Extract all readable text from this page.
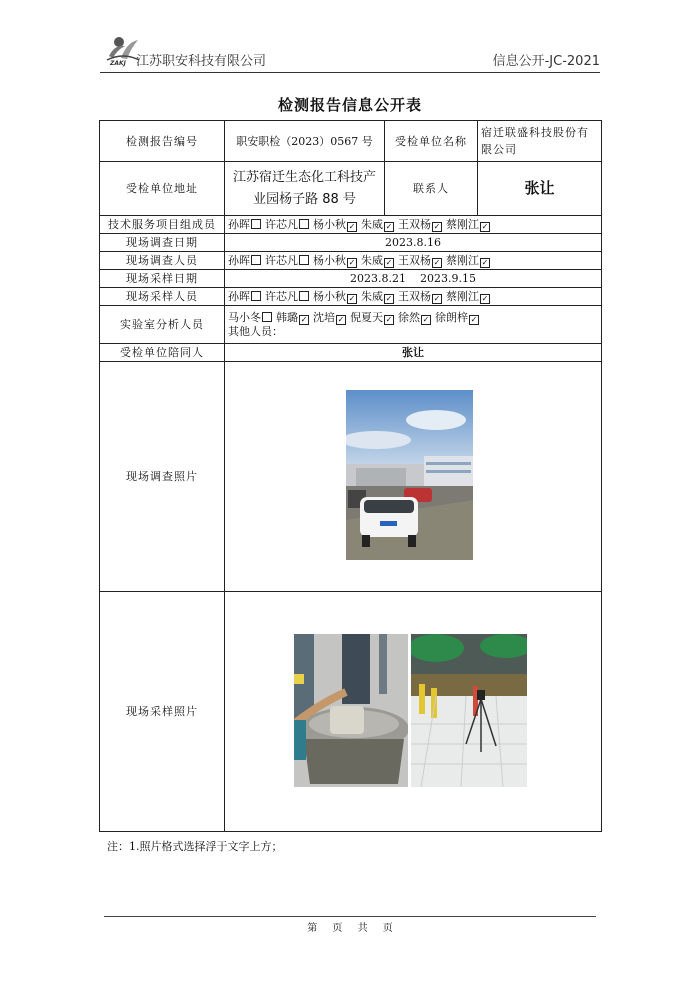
ZAKJ 江苏职安科技有限公司	信息公开-JC-2021
检测报告信息公开表
检测报告编号	职安职检（2023）0567 号	受检单位名称	宿迁联盛科技股份有限公司
受检单位地址	江苏宿迁生态化工科技产业园杨子路 88 号	联系人	张让
技术服务项目组成员	孙晖 许芯凡 杨小秋 ✓ 朱威 ✓ 王双杨 ✓ 蔡刚江 ✓		
现场调查日期	2023.8.16		
现场调查人员	孙晖 许芯凡 杨小秋 ✓ 朱威 ✓ 王双杨 ✓ 蔡刚江 ✓		
现场采样日期	2023.8.21    2023.9.15		
现场采样人员	孙晖 许芯凡 杨小秋 ✓ 朱威 ✓ 王双杨 ✓ 蔡刚江 ✓		
实验室分析人员	马小冬 韩璐 ✓ 沈培 ✓ 倪夏天 ✓ 徐然 ✓ 徐朗梓 ✓
其他人员：		

受检单位陪同人	张让		
现场调查照片	

现场采样照片	
注：1.照片格式选择浮于文字上方；
第 页 共 页
